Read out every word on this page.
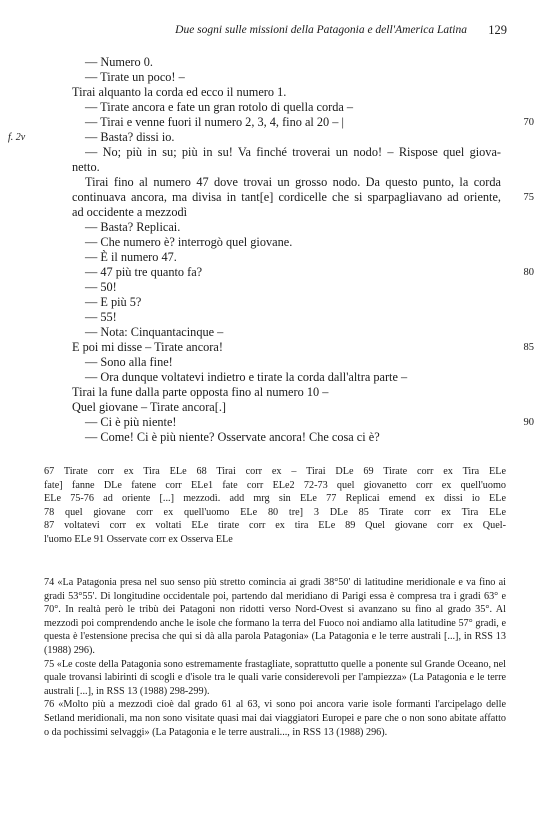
Due sogni sulle missioni della Patagonia e dell'America Latina 129
— Numero 0.
— Tirate un poco! –
Tirai alquanto la corda ed ecco il numero 1.
— Tirate ancora e fate un gran rotolo di quella corda –
— Tirai e venne fuori il numero 2, 3, 4, fino al 20 – |	70
f. 2v	— Basta? dissi io.
— No; più in su; più in su! Va finché troverai un nodo! – Rispose quel giova-
netto.
Tirai fino al numero 47 dove trovai un grosso nodo. Da questo punto, la corda
continuava ancora, ma divisa in tant[e] cordicelle che si sparpagliavano ad oriente,	75
ad occidente a mezzodì
— Basta? Replicai.
— Che numero è? interrogò quel giovane.
— È il numero 47.
— 47 più tre quanto fa?	80
— 50!
— E più 5?
— 55!
— Nota: Cinquantacinque –
E poi mi disse – Tirate ancora!	85
— Sono alla fine!
— Ora dunque voltatevi indietro e tirate la corda dall'altra parte –
Tirai la fune dalla parte opposta fino al numero 10 –
Quel giovane – Tirate ancora[.]
— Ci è più niente!	90
— Come! Ci è più niente? Osservate ancora! Che cosa ci è?
67 Tirate corr ex Tira ELe 68 Tirai corr ex – Tirai DLe 69 Tirate corr ex Tira ELe
fate] fanne DLe fatene corr ELe1 fate corr ELe2 72-73 quel giovanetto corr ex quell'uomo
ELe 75-76 ad oriente [...] mezzodì. add mrg sin ELe 77 Replicai emend ex dissi io ELe
78 quel giovane corr ex quell'uomo ELe 80 tre] 3 DLe 85 Tirate corr ex Tira ELe
87 voltatevi corr ex voltati ELe tirate corr ex tira ELe 89 Quel giovane corr ex Quel-
l'uomo ELe 91 Osservate corr ex Osserva ELe

74 «La Patagonia presa nel suo senso più stretto comincia ai gradi 38°50' di latitudine meridionale e va fino ai gradi 53°55'. Di longitudine occidentale poi, partendo dal meridiano di Parigi essa è compresa tra i gradi 63° e 70°. In realtà però le tribù dei Patagoni non ridotti verso Nord-Ovest si avanzano su fino al grado 35°. Al mezzodì poi comprendendo anche le isole che formano la terra del Fuoco noi andiamo alla latitudine 57° gradi, e questa è l'estensione precisa che qui si dà alla parola Patagonia» (La Patagonia e le terre australi [...], in RSS 13 (1988) 296).

75 «Le coste della Patagonia sono estremamente frastagliate, soprattutto quelle a ponente sul Grande Oceano, nel quale trovansi labirinti di scogli e d'isole tra le quali varie considerevoli per l'ampiezza» (La Patagonia e le terre australi [...], in RSS 13 (1988) 298-299).

76 «Molto più a mezzodì cioè dal grado 61 al 63, vi sono poi ancora varie isole formanti l'arcipelago delle Setland meridionali, ma non sono visitate quasi mai dai viaggiatori Europei e pare che o non sono abitate affatto o da pochissimi selvaggi» (La Patagonia e le terre australi..., in RSS 13 (1988) 296).
